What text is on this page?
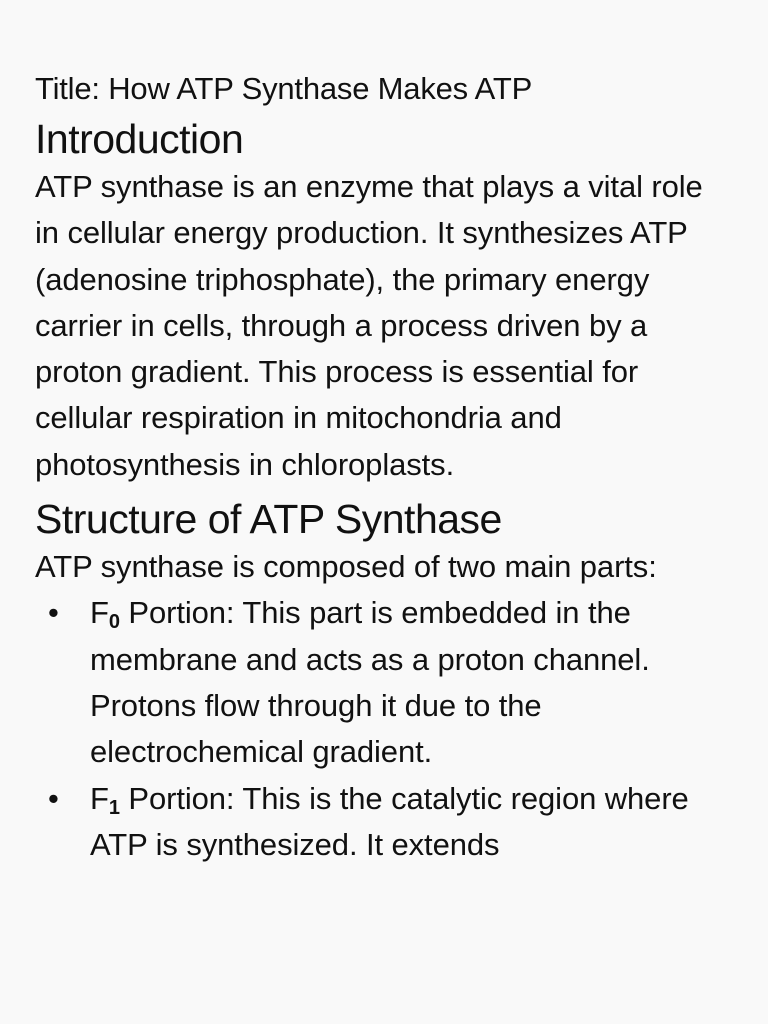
Title: How ATP Synthase Makes ATP
Introduction

ATP synthase is an enzyme that plays a vital role in cellular energy production. It synthesizes ATP (adenosine triphosphate), the primary energy carrier in cells, through a process driven by a proton gradient. This process is essential for cellular respiration in mitochondria and photosynthesis in chloroplasts.

Structure of ATP Synthase

ATP synthase is composed of two main parts:

• $F_0$ Portion: This part is embedded in the membrane and acts as a proton channel. Protons flow through it due to the electrochemical gradient.
• $F_1$ Portion: This is the catalytic region where ATP is synthesized. It extends
